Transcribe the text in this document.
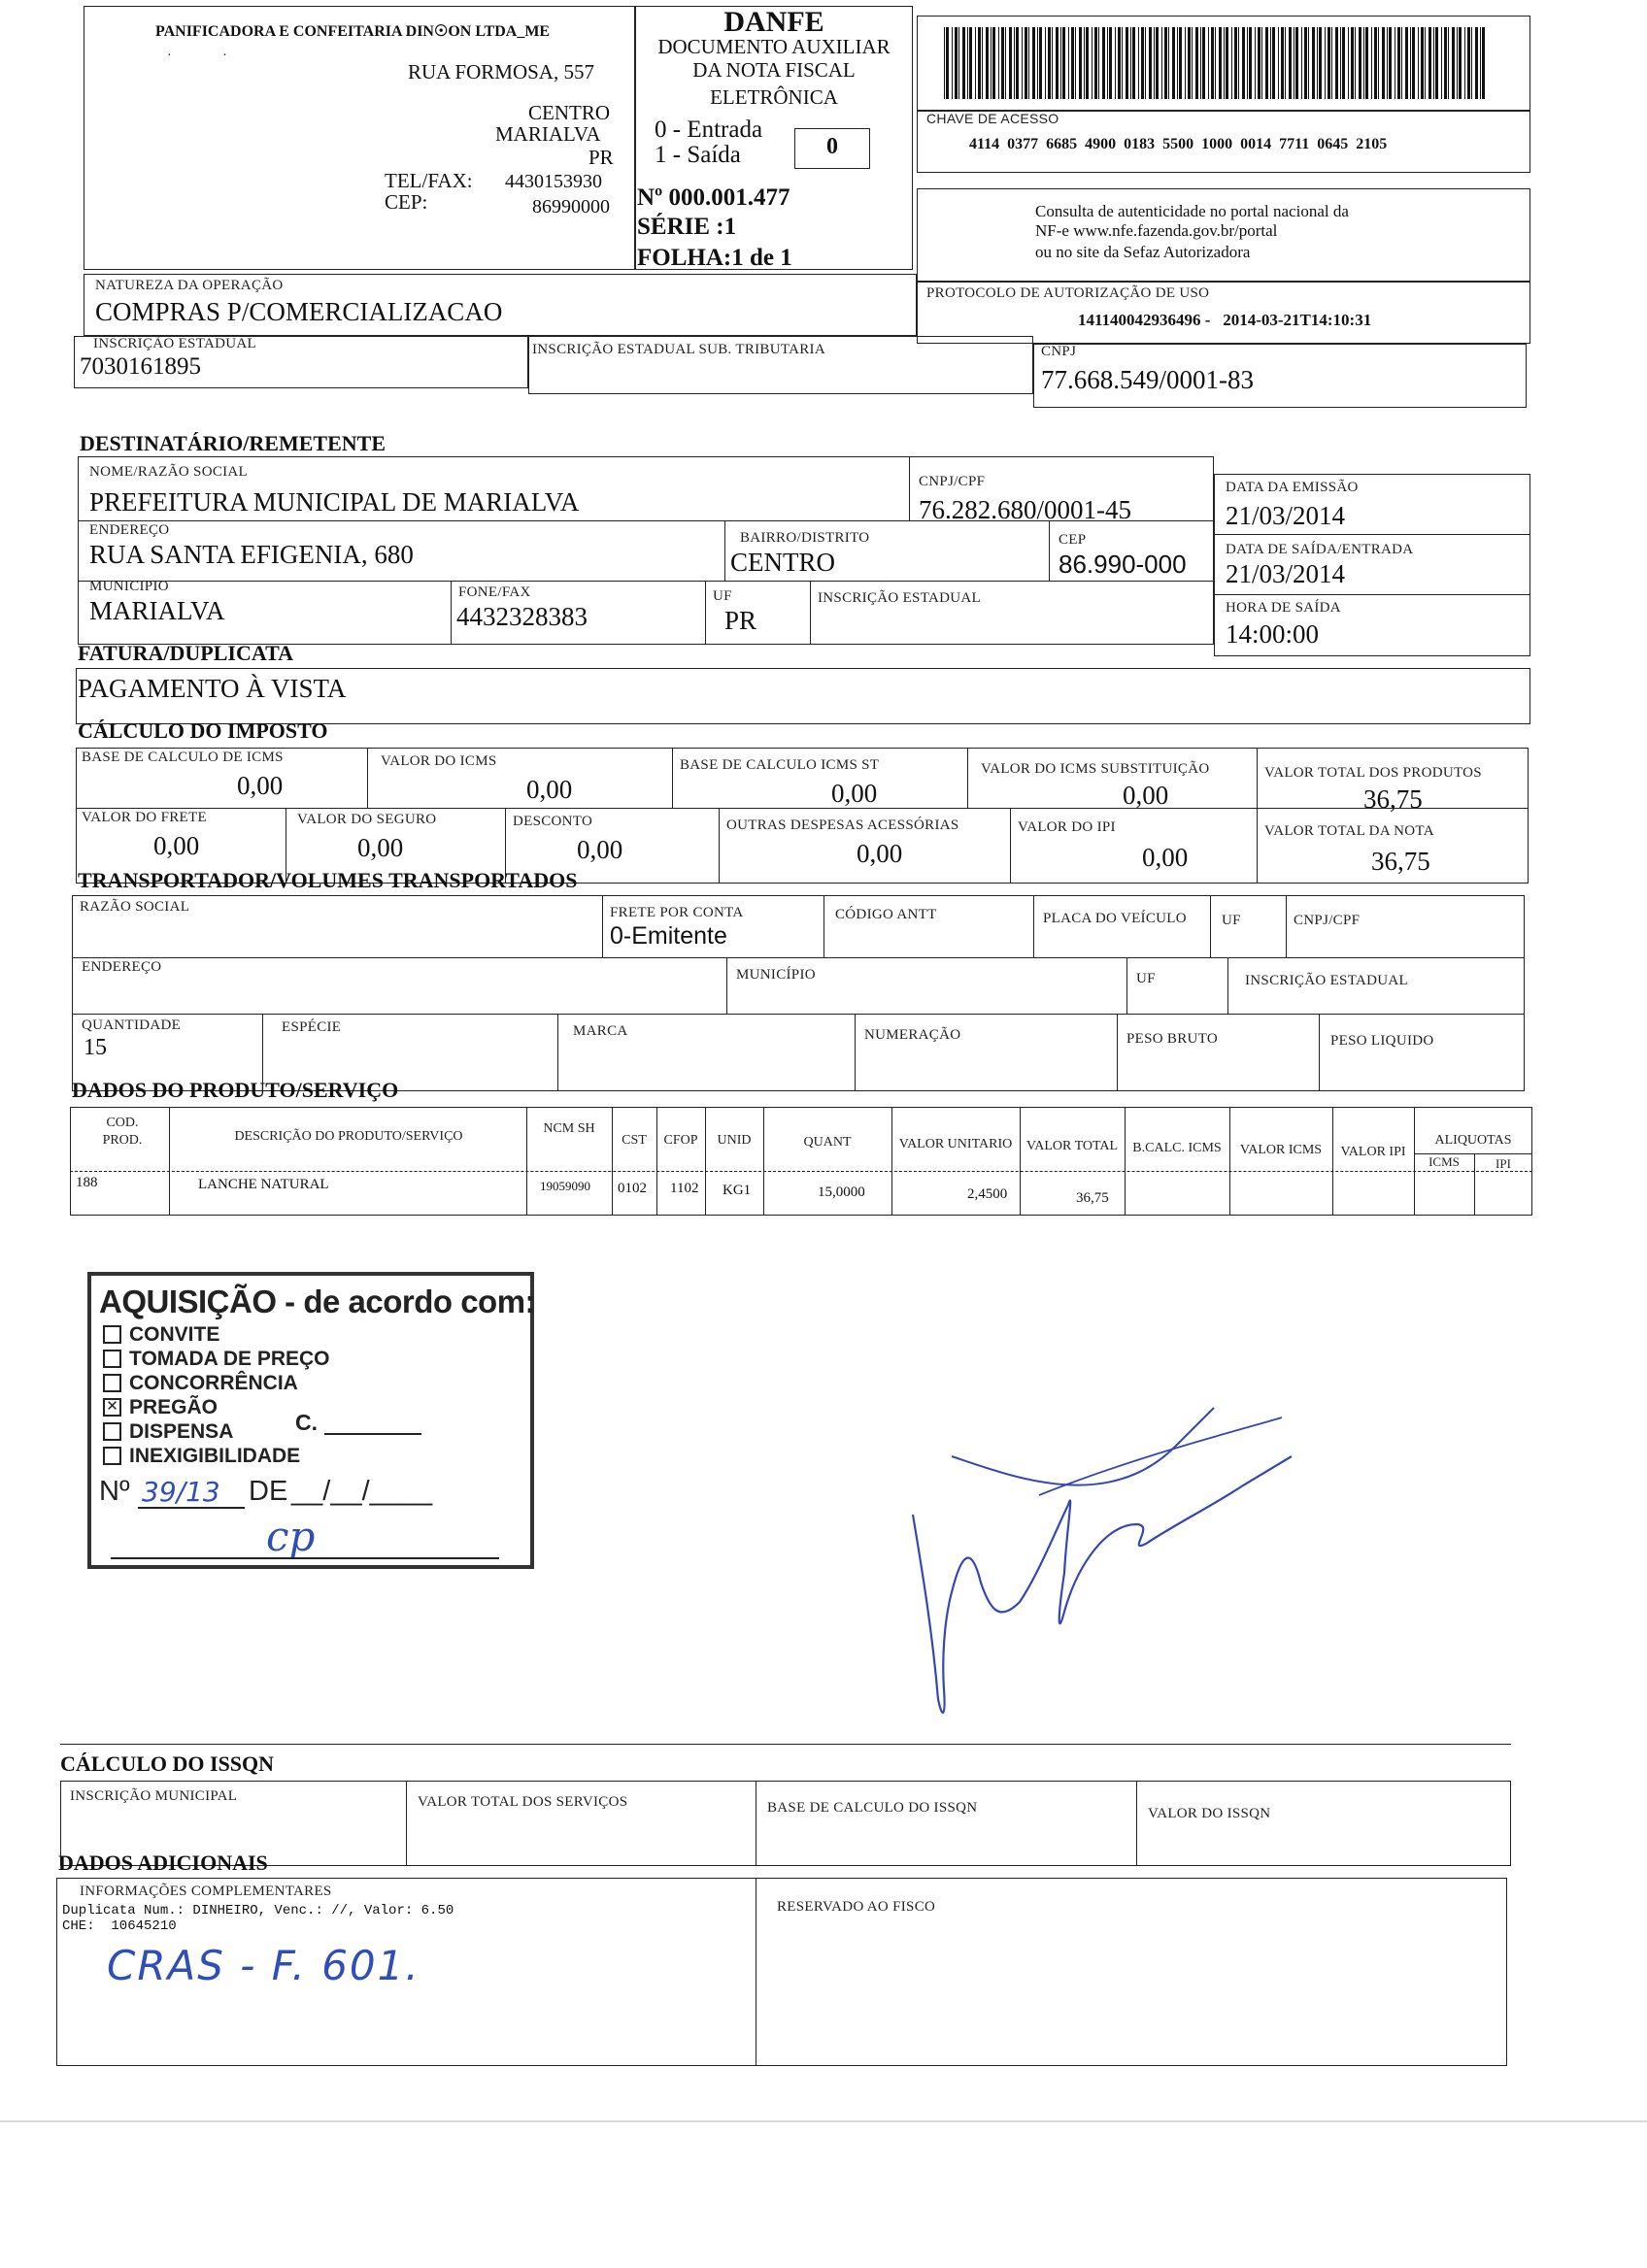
PANIFICADORA E CONFEITARIA DIN☉ON LTDA_ME
·               ·
RUA FORMOSA, 557
CENTRO
MARIALVA
PR
TEL/FAX: 4430153930
CEP:	86990000
DANFE
DOCUMENTO AUXILIAR
DA NOTA FISCAL
ELETRÔNICA
0 - Entrada
1 - Saída	0
Nº 000.001.477
SÉRIE :1
FOLHA:1 de 1
CHAVE DE ACESSO
4114 0377 6685 4900 0183 5500 1000 0014 7711 0645 2105
Consulta de autenticidade no portal nacional da
NF-e www.nfe.fazenda.gov.br/portal
ou no site da Sefaz Autorizadora
NATUREZA DA OPERAÇÃO
COMPRAS P/COMERCIALIZACAO
PROTOCOLO DE AUTORIZAÇÃO DE USO
141140042936496 -   2014-03-21T14:10:31
INSCRIÇÃO ESTADUAL
7030161895
INSCRIÇÃO ESTADUAL SUB. TRIBUTARIA	CNPJ
77.668.549/0001-83
DESTINATÁRIO/REMETENTE
NOME/RAZÃO SOCIAL
PREFEITURA MUNICIPAL DE MARIALVA
CNPJ/CPF
76.282.680/0001-45
ENDEREÇO
RUA SANTA EFIGENIA, 680
BAIRRO/DISTRITO
CENTRO
CEP
86.990-000
MUNICIPIO
MARIALVA
FONE/FAX
4432328383
UF
PR
INSCRIÇÃO ESTADUAL
DATA DA EMISSÃO
21/03/2014
DATA DE SAÍDA/ENTRADA
21/03/2014
HORA DE SAÍDA
14:00:00
FATURA/DUPLICATA
PAGAMENTO À VISTA
CÁLCULO DO IMPOSTO
BASE DE CALCULO DE ICMS
0,00
VALOR DO ICMS
0,00
BASE DE CALCULO ICMS ST
0,00
VALOR DO ICMS SUBSTITUIÇÃO
0,00
VALOR TOTAL DOS PRODUTOS
36,75
VALOR DO FRETE
0,00
VALOR DO SEGURO
0,00
DESCONTO
0,00
OUTRAS DESPESAS ACESSÓRIAS
0,00
VALOR DO IPI
0,00
VALOR TOTAL DA NOTA
36,75
TRANSPORTADOR/VOLUMES TRANSPORTADOS
RAZÃO SOCIAL	FRETE POR CONTA
0-Emitente
CÓDIGO ANTT	PLACA DO VEÍCULO UF	CNPJ/CPF
ENDEREÇO	MUNICÍPIO	UF	INSCRIÇÃO ESTADUAL
QUANTIDADE
15
ESPÉCIE	MARCA	NUMERAÇÃO	PESO BRUTO	PESO LIQUIDO
DADOS DO PRODUTO/SERVIÇO
COD. PROD.	DESCRIÇÃO DO PRODUTO/SERVIÇO
NCM SH
CST	CFOP	UNID	QUANT	VALOR UNITARIO	VALOR TOTAL	B.CALC. ICMS	VALOR ICMS	VALOR IPI
ALIQUOTAS
ICMS	IPI
188	LANCHE NATURAL	19059090 0102 1102 KG1	15,0000	2,4500	36,75
AQUISIÇÃO - de acordo com:
CONVITE
TOMADA DE PREÇO
CONCORRÊNCIA
✕ PREGÃO
DISPENSA
INEXIGIBILIDADE
C.
Nº 39/13 DE __/__/____
cp
CÁLCULO DO ISSQN
INSCRIÇÃO MUNICIPAL	VALOR TOTAL DOS SERVIÇOS	BASE DE CALCULO DO ISSQN	VALOR DO ISSQN
DADOS ADICIONAIS
INFORMAÇÕES COMPLEMENTARES
Duplicata Num.: DINHEIRO, Venc.: //, Valor: 6.50
CHE:  10645210
CRAS - F. 601.
RESERVADO AO FISCO
